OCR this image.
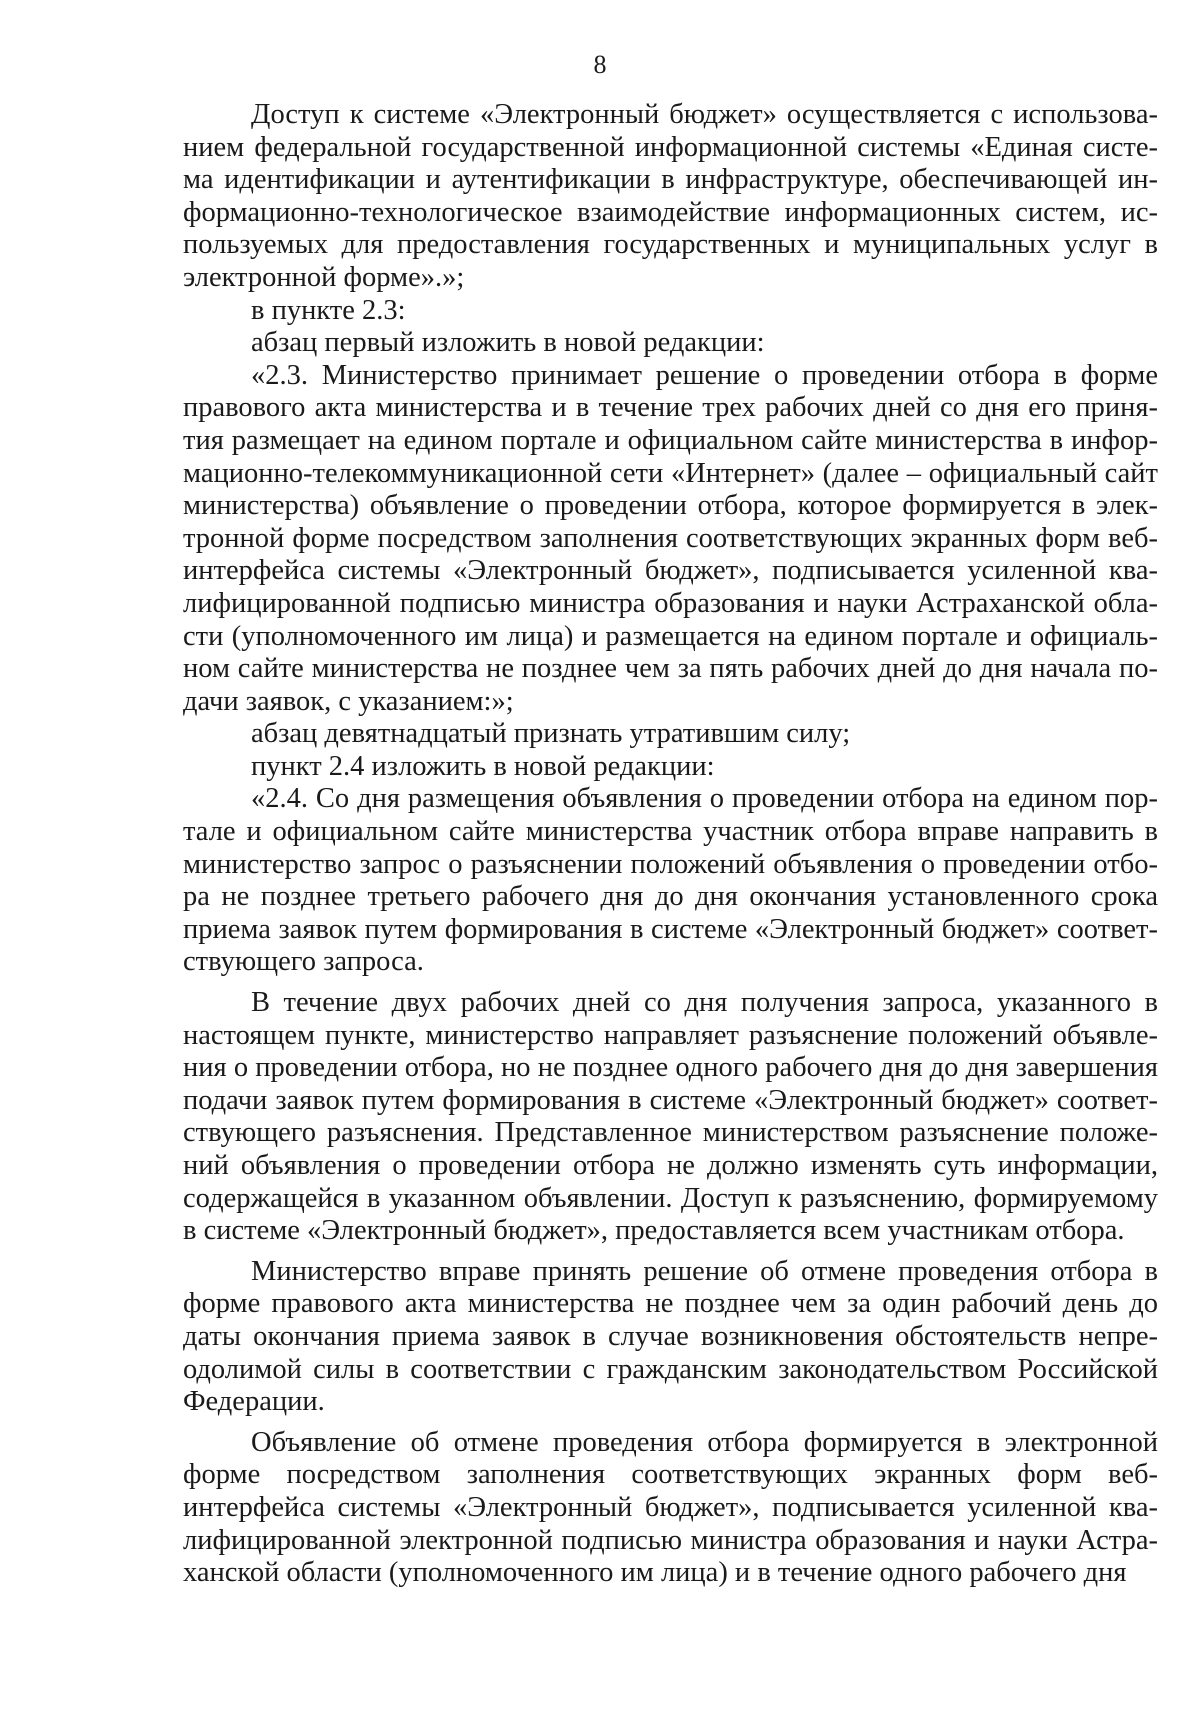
8

Доступ к системе «Электронный бюджет» осуществляется с использованием федеральной государственной информационной системы «Единая система идентификации и аутентификации в инфраструктуре, обеспечивающей информационно-технологическое взаимодействие информационных систем, используемых для предоставления государственных и муниципальных услуг в электронной форме».»;

в пункте 2.3:

абзац первый изложить в новой редакции:

«2.3. Министерство принимает решение о проведении отбора в форме правового акта министерства и в течение трех рабочих дней со дня его принятия размещает на едином портале и официальном сайте министерства в информационно-телекоммуникационной сети «Интернет» (далее – официальный сайт министерства) объявление о проведении отбора, которое формируется в электронной форме посредством заполнения соответствующих экранных форм веб-интерфейса системы «Электронный бюджет», подписывается усиленной квалифицированной подписью министра образования и науки Астраханской области (уполномоченного им лица) и размещается на едином портале и официальном сайте министерства не позднее чем за пять рабочих дней до дня начала подачи заявок, с указанием:»;

абзац девятнадцатый признать утратившим силу;

пункт 2.4 изложить в новой редакции:

«2.4. Со дня размещения объявления о проведении отбора на едином портале и официальном сайте министерства участник отбора вправе направить в министерство запрос о разъяснении положений объявления о проведении отбора не позднее третьего рабочего дня до дня окончания установленного срока приема заявок путем формирования в системе «Электронный бюджет» соответствующего запроса.

В течение двух рабочих дней со дня получения запроса, указанного в настоящем пункте, министерство направляет разъяснение положений объявления о проведении отбора, но не позднее одного рабочего дня до дня завершения подачи заявок путем формирования в системе «Электронный бюджет» соответствующего разъяснения. Представленное министерством разъяснение положений объявления о проведении отбора не должно изменять суть информации, содержащейся в указанном объявлении. Доступ к разъяснению, формируемому в системе «Электронный бюджет», предоставляется всем участникам отбора.

Министерство вправе принять решение об отмене проведения отбора в форме правового акта министерства не позднее чем за один рабочий день до даты окончания приема заявок в случае возникновения обстоятельств непреодолимой силы в соответствии с гражданским законодательством Российской Федерации.

Объявление об отмене проведения отбора формируется в электронной форме посредством заполнения соответствующих экранных форм веб-интерфейса системы «Электронный бюджет», подписывается усиленной квалифицированной электронной подписью министра образования и науки Астраханской области (уполномоченного им лица) и в течение одного рабочего дня
